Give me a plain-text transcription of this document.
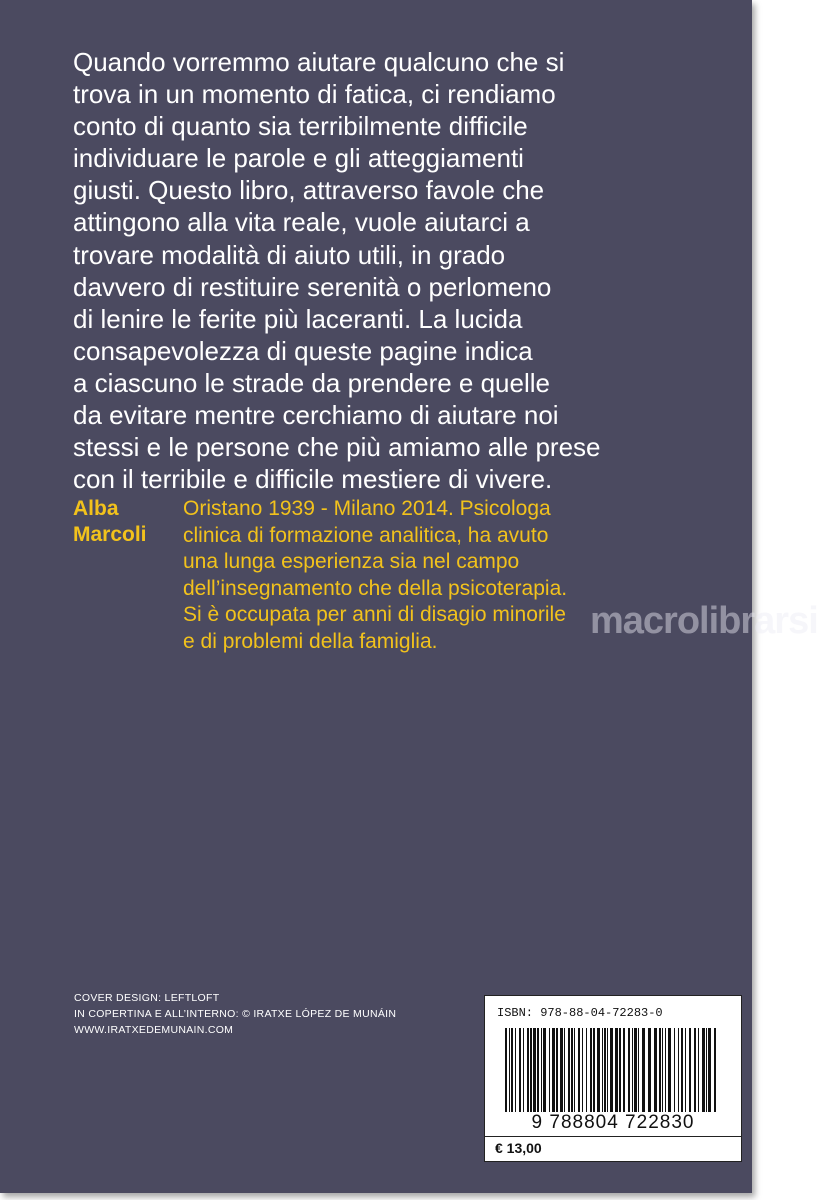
Quando vorremmo aiutare qualcuno che si
trova in un momento di fatica, ci rendiamo
conto di quanto sia terribilmente difficile
individuare le parole e gli atteggiamenti
giusti. Questo libro, attraverso favole che
attingono alla vita reale, vuole aiutarci a
trovare modalità di aiuto utili, in grado
davvero di restituire serenità o perlomeno
di lenire le ferite più laceranti. La lucida
consapevolezza di queste pagine indica
a ciascuno le strade da prendere e quelle
da evitare mentre cerchiamo di aiutare noi
stessi e le persone che più amiamo alle prese
con il terribile e difficile mestiere di vivere.
Alba
Marcoli
Oristano 1939 - Milano 2014. Psicologa
clinica di formazione analitica, ha avuto
una lunga esperienza sia nel campo
dell’insegnamento che della psicoterapia.
Si è occupata per anni di disagio minorile
e di problemi della famiglia.	macrolibrarsi
COVER DESIGN: LEFTLOFT
IN COPERTINA E ALL’INTERNO: © IRATXE LÓPEZ DE MUNÁIN
WWW.IRATXEDEMUNAIN.COM
ISBN: 978-88-04-72283-0
9 788804 722830
€ 13,00
